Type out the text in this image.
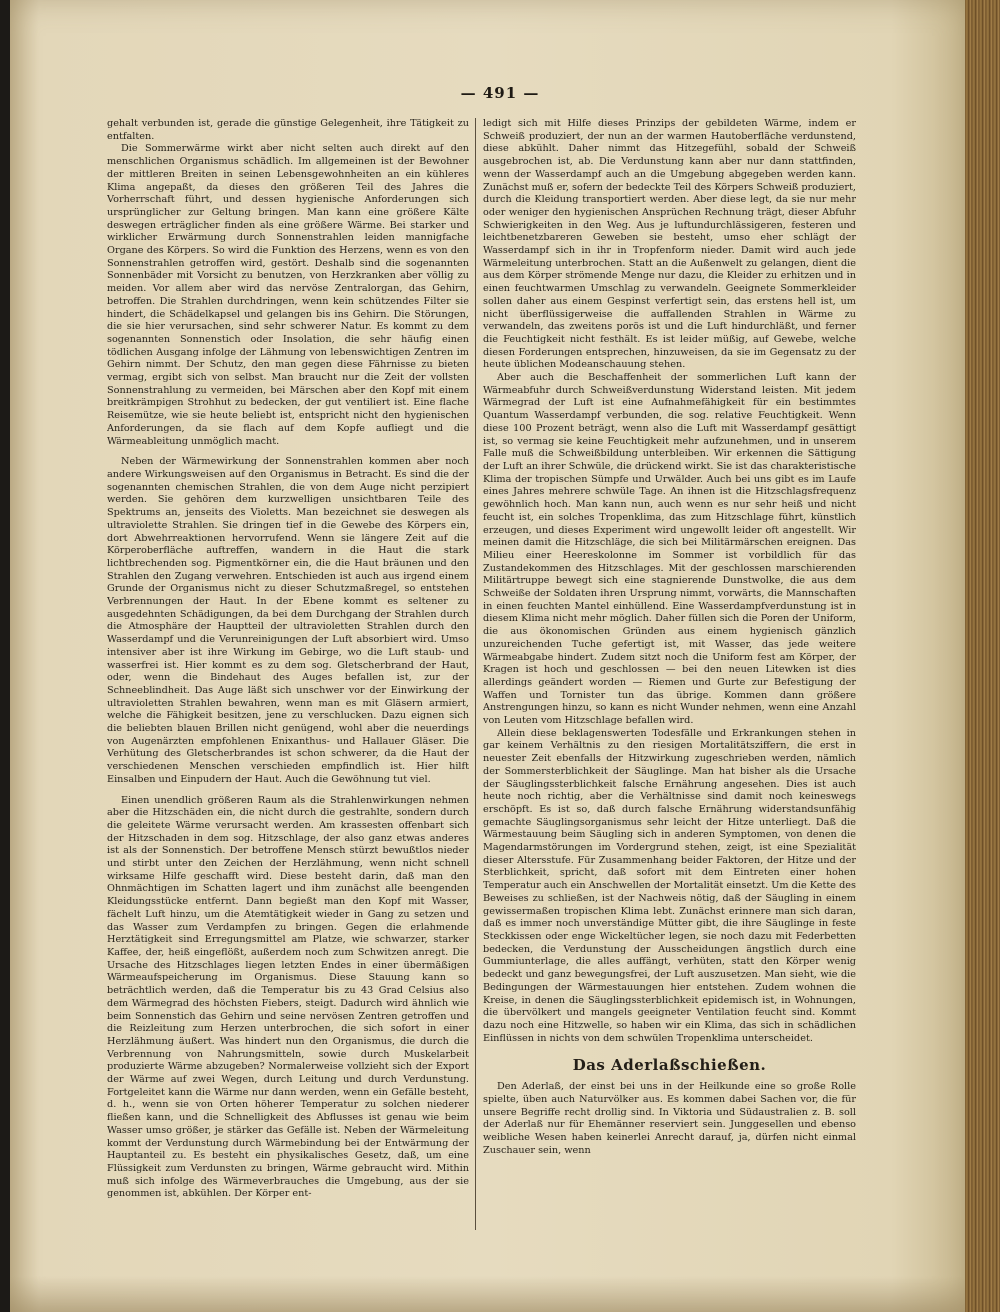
— 491 —

gehalt verbunden ist, gerade die günstige Gelegenheit, ihre Tätigkeit zu entfalten.

Die Sommerwärme wirkt aber nicht selten auch direkt auf den menschlichen Organismus schädlich. Im allgemeinen ist der Bewohner der mittleren Breiten in seinen Lebensgewohnheiten an ein kühleres Klima angepaßt, da dieses den größeren Teil des Jahres die Vorherrschaft führt, und dessen hygienische Anforderungen sich ursprünglicher zur Geltung bringen. Man kann eine größere Kälte deswegen erträglicher finden als eine größere Wärme. Bei starker und wirklicher Erwärmung durch Sonnenstrahlen leiden mannigfache Organe des Körpers. So wird die Funktion des Herzens, wenn es von den Sonnenstrahlen getroffen wird, gestört. Deshalb sind die sogenannten Sonnenbäder mit Vorsicht zu benutzen, von Herzkranken aber völlig zu meiden. Vor allem aber wird das nervöse Zentralorgan, das Gehirn, betroffen. Die Strahlen durchdringen, wenn kein schützendes Filter sie hindert, die Schädelkapsel und gelangen bis ins Gehirn. Die Störungen, die sie hier verursachen, sind sehr schwerer Natur. Es kommt zu dem sogenannten Sonnenstich oder Insolation, die sehr häufig einen tödlichen Ausgang infolge der Lähmung von lebenswichtigen Zentren im Gehirn nimmt. Der Schutz, den man gegen diese Fährnisse zu bieten vermag, ergibt sich von selbst. Man braucht nur die Zeit der vollsten Sonnenstrahlung zu vermeiden, bei Märschen aber den Kopf mit einem breitkrämpigen Strohhut zu bedecken, der gut ventiliert ist. Eine flache Reisemütze, wie sie heute beliebt ist, entspricht nicht den hygienischen Anforderungen, da sie flach auf dem Kopfe aufliegt und die Wärmeableitung unmöglich macht.

Neben der Wärmewirkung der Sonnenstrahlen kommen aber noch andere Wirkungsweisen auf den Organismus in Betracht. Es sind die der sogenannten chemischen Strahlen, die von dem Auge nicht perzipiert werden. Sie gehören dem kurzwelligen unsichtbaren Teile des Spektrums an, jenseits des Violetts. Man bezeichnet sie deswegen als ultraviolette Strahlen. Sie dringen tief in die Gewebe des Körpers ein, dort Abwehrreaktionen hervorrufend. Wenn sie längere Zeit auf die Körperoberfläche auftreffen, wandern in die Haut die stark lichtbrechenden sog. Pigmentkörner ein, die die Haut bräunen und den Strahlen den Zugang verwehren. Entschieden ist auch aus irgend einem Grunde der Organismus nicht zu dieser Schutzmaßregel, so entstehen Verbrennungen der Haut. In der Ebene kommt es seltener zu ausgedehnten Schädigungen, da bei dem Durchgang der Strahlen durch die Atmosphäre der Hauptteil der ultravioletten Strahlen durch den Wasserdampf und die Verunreinigungen der Luft absorbiert wird. Umso intensiver aber ist ihre Wirkung im Gebirge, wo die Luft staub- und wasserfrei ist. Hier kommt es zu dem sog. Gletscherbrand der Haut, oder, wenn die Bindehaut des Auges befallen ist, zur der Schneeblindheit. Das Auge läßt sich unschwer vor der Einwirkung der ultravioletten Strahlen bewahren, wenn man es mit Gläsern armiert, welche die Fähigkeit besitzen, jene zu verschlucken. Dazu eignen sich die beliebten blauen Brillen nicht genügend, wohl aber die neuerdings von Augenärzten empfohlenen Enixanthus- und Hallauer Gläser. Die Verhütung des Gletscherbrandes ist schon schwerer, da die Haut der verschiedenen Menschen verschieden empfindlich ist. Hier hilft Einsalben und Einpudern der Haut. Auch die Gewöhnung tut viel.

Einen unendlich größeren Raum als die Strahlenwirkungen nehmen aber die Hitzschäden ein, die nicht durch die gestrahlte, sondern durch die geleitete Wärme verursacht werden. Am krassesten offenbart sich der Hitzschaden in dem sog. Hitzschlage, der also ganz etwas anderes ist als der Sonnenstich. Der betroffene Mensch stürzt bewußtlos nieder und stirbt unter den Zeichen der Herzlähmung, wenn nicht schnell wirksame Hilfe geschafft wird. Diese besteht darin, daß man den Ohnmächtigen im Schatten lagert und ihm zunächst alle beengenden Kleidungsstücke entfernt. Dann begießt man den Kopf mit Wasser, fächelt Luft hinzu, um die Atemtätigkeit wieder in Gang zu setzen und das Wasser zum Verdampfen zu bringen. Gegen die erlahmende Herztätigkeit sind Erregungsmittel am Platze, wie schwarzer, starker Kaffee, der, heiß eingeflößt, außerdem noch zum Schwitzen anregt. Die Ursache des Hitzschlages liegen letzten Endes in einer übermäßigen Wärmeaufspeicherung im Organismus. Diese Stauung kann so beträchtlich werden, daß die Temperatur bis zu 43 Grad Celsius also dem Wärmegrad des höchsten Fiebers, steigt. Dadurch wird ähnlich wie beim Sonnenstich das Gehirn und seine nervösen Zentren getroffen und die Reizleitung zum Herzen unterbrochen, die sich sofort in einer Herzlähmung äußert. Was hindert nun den Organismus, die durch die Verbrennung von Nahrungsmitteln, sowie durch Muskelarbeit produzierte Wärme abzugeben? Normalerweise vollzieht sich der Export der Wärme auf zwei Wegen, durch Leitung und durch Verdunstung. Fortgeleitet kann die Wärme nur dann werden, wenn ein Gefälle besteht, d. h., wenn sie von Orten höherer Temperatur zu solchen niederer fließen kann, und die Schnelligkeit des Abflusses ist genau wie beim Wasser umso größer, je stärker das Gefälle ist. Neben der Wärmeleitung kommt der Verdunstung durch Wärmebindung bei der Entwärmung der Hauptanteil zu. Es besteht ein physikalisches Gesetz, daß, um eine Flüssigkeit zum Verdunsten zu bringen, Wärme gebraucht wird. Mithin muß sich infolge des Wärmeverbrauches die Umgebung, aus der sie genommen ist, abkühlen. Der Körper ent-

ledigt sich mit Hilfe dieses Prinzips der gebildeten Wärme, indem er Schweiß produziert, der nun an der warmen Hautoberfläche verdunstend, diese abkühlt. Daher nimmt das Hitzegefühl, sobald der Schweiß ausgebrochen ist, ab. Die Verdunstung kann aber nur dann stattfinden, wenn der Wasserdampf auch an die Umgebung abgegeben werden kann. Zunächst muß er, sofern der bedeckte Teil des Körpers Schweiß produziert, durch die Kleidung transportiert werden. Aber diese legt, da sie nur mehr oder weniger den hygienischen Ansprüchen Rechnung trägt, dieser Abfuhr Schwierigkeiten in den Weg. Aus je luftundurchlässigeren, festeren und leichtbenetzbareren Geweben sie besteht, umso eher schlägt der Wasserdampf sich in ihr in Tropfenform nieder. Damit wird auch jede Wärmeleitung unterbrochen. Statt an die Außenwelt zu gelangen, dient die aus dem Körper strömende Menge nur dazu, die Kleider zu erhitzen und in einen feuchtwarmen Umschlag zu verwandeln. Geeignete Sommerkleider sollen daher aus einem Gespinst verfertigt sein, das erstens hell ist, um nicht überflüssigerweise die auffallenden Strahlen in Wärme zu verwandeln, das zweitens porös ist und die Luft hindurchläßt, und ferner die Feuchtigkeit nicht festhält. Es ist leider müßig, auf Gewebe, welche diesen Forderungen entsprechen, hinzuweisen, da sie im Gegensatz zu der heute üblichen Modeanschauung stehen.

Aber auch die Beschaffenheit der sommerlichen Luft kann der Wärmeabfuhr durch Schweißverdunstung Widerstand leisten. Mit jedem Wärmegrad der Luft ist eine Aufnahmefähigkeit für ein bestimmtes Quantum Wasserdampf verbunden, die sog. relative Feuchtigkeit. Wenn diese 100 Prozent beträgt, wenn also die Luft mit Wasserdampf gesättigt ist, so vermag sie keine Feuchtigkeit mehr aufzunehmen, und in unserem Falle muß die Schweißbildung unterbleiben. Wir erkennen die Sättigung der Luft an ihrer Schwüle, die drückend wirkt. Sie ist das charakteristische Klima der tropischen Sümpfe und Urwälder. Auch bei uns gibt es im Laufe eines Jahres mehrere schwüle Tage. An ihnen ist die Hitzschlagsfrequenz gewöhnlich hoch. Man kann nun, auch wenn es nur sehr heiß und nicht feucht ist, ein solches Tropenklima, das zum Hitzschlage führt, künstlich erzeugen, und dieses Experiment wird ungewollt leider oft angestellt. Wir meinen damit die Hitzschläge, die sich bei Militärmärschen ereignen. Das Milieu einer Heereskolonne im Sommer ist vorbildlich für das Zustandekommen des Hitzschlages. Mit der geschlossen marschierenden Militärtruppe bewegt sich eine stagnierende Dunstwolke, die aus dem Schweiße der Soldaten ihren Ursprung nimmt, vorwärts, die Mannschaften in einen feuchten Mantel einhüllend. Eine Wasserdampfverdunstung ist in diesem Klima nicht mehr möglich. Daher füllen sich die Poren der Uniform, die aus ökonomischen Gründen aus einem hygienisch gänzlich unzureichenden Tuche gefertigt ist, mit Wasser, das jede weitere Wärmeabgabe hindert. Zudem sitzt noch die Uniform fest am Körper, der Kragen ist hoch und geschlossen — bei den neuen Litewken ist dies allerdings geändert worden — Riemen und Gurte zur Befestigung der Waffen und Tornister tun das übrige. Kommen dann größere Anstrengungen hinzu, so kann es nicht Wunder nehmen, wenn eine Anzahl von Leuten vom Hitzschlage befallen wird.

Allein diese beklagenswerten Todesfälle und Erkrankungen stehen in gar keinem Verhältnis zu den riesigen Mortalitätsziffern, die erst in neuester Zeit ebenfalls der Hitzwirkung zugeschrieben werden, nämlich der Sommersterblichkeit der Säuglinge. Man hat bisher als die Ursache der Säuglingssterblichkeit falsche Ernährung angesehen. Dies ist auch heute noch richtig, aber die Verhältnisse sind damit noch keineswegs erschöpft. Es ist so, daß durch falsche Ernährung widerstandsunfähig gemachte Säuglingsorganismus sehr leicht der Hitze unterliegt. Daß die Wärmestauung beim Säugling sich in anderen Symptomen, von denen die Magendarmstörungen im Vordergrund stehen, zeigt, ist eine Spezialität dieser Altersstufe. Für Zusammenhang beider Faktoren, der Hitze und der Sterblichkeit, spricht, daß sofort mit dem Eintreten einer hohen Temperatur auch ein Anschwellen der Mortalität einsetzt. Um die Kette des Beweises zu schließen, ist der Nachweis nötig, daß der Säugling in einem gewissermaßen tropischen Klima lebt. Zunächst erinnere man sich daran, daß es immer noch unverständige Mütter gibt, die ihre Säuglinge in feste Steckkissen oder enge Wickeltücher legen, sie noch dazu mit Federbetten bedecken, die Verdunstung der Ausscheidungen ängstlich durch eine Gummiunterlage, die alles auffängt, verhüten, statt den Körper wenig bedeckt und ganz bewegungsfrei, der Luft auszusetzen. Man sieht, wie die Bedingungen der Wärmestauungen hier entstehen. Zudem wohnen die Kreise, in denen die Säuglingssterblichkeit epidemisch ist, in Wohnungen, die übervölkert und mangels geeigneter Ventilation feucht sind. Kommt dazu noch eine Hitzwelle, so haben wir ein Klima, das sich in schädlichen Einflüssen in nichts von dem schwülen Tropenklima unterscheidet.

Das Aderlaßschießen.

Den Aderlaß, der einst bei uns in der Heilkunde eine so große Rolle spielte, üben auch Naturvölker aus. Es kommen dabei Sachen vor, die für unsere Begriffe recht drollig sind. In Viktoria und Südaustralien z. B. soll der Aderlaß nur für Ehemänner reserviert sein. Junggesellen und ebenso weibliche Wesen haben keinerlei Anrecht darauf, ja, dürfen nicht einmal Zuschauer sein, wenn
